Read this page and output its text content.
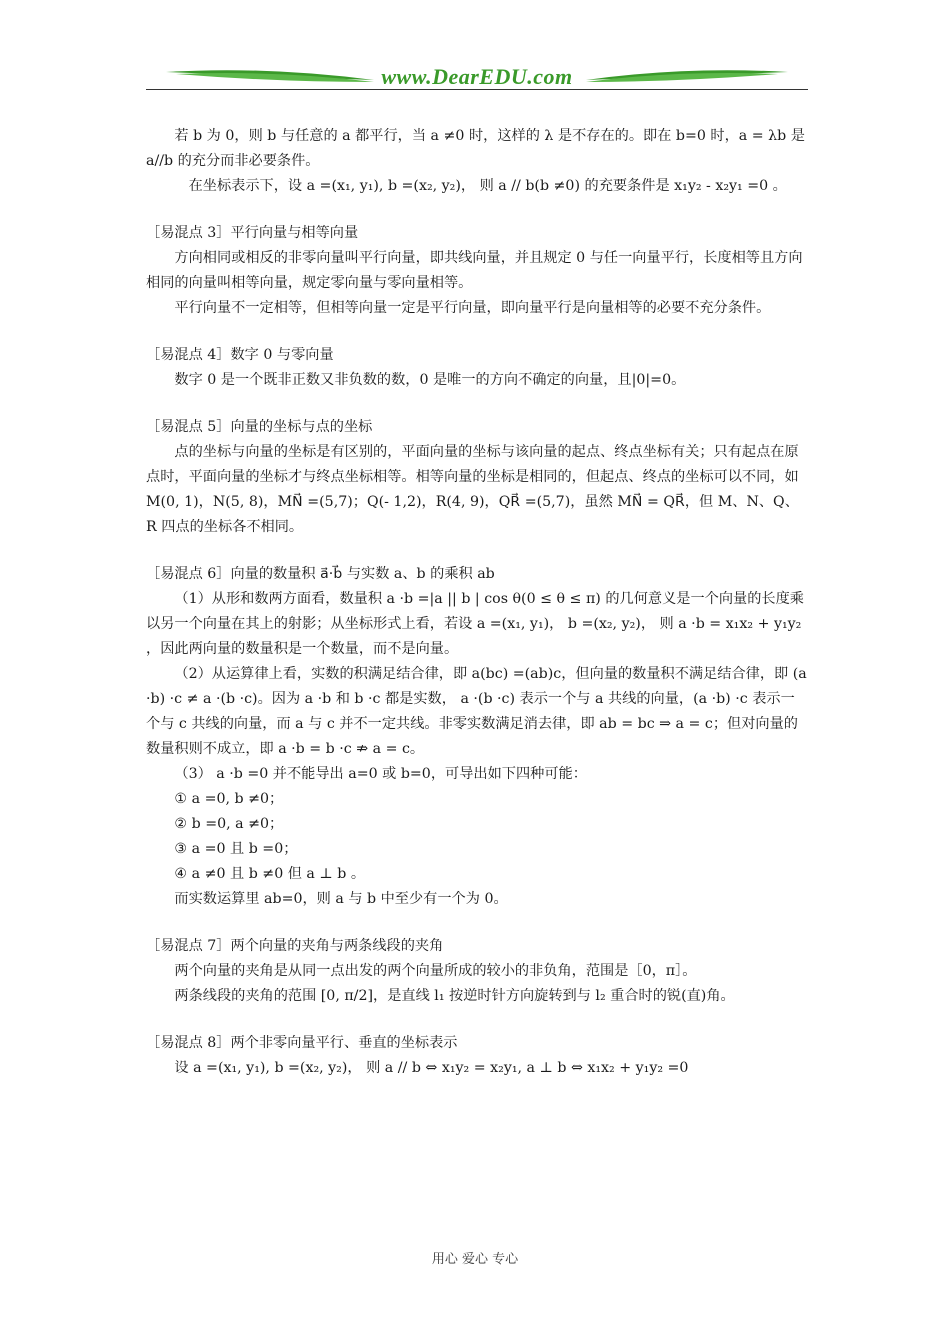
www.DearEDU.com
若 b 为 0，则 b 与任意的 a 都平行，当 a ≠0 时，这样的 λ 是不存在的。即在 b=0 时，a = λb 是 a//b 的充分而非必要条件。
　在坐标表示下，设 a =(x₁, y₁), b =(x₂, y₂)， 则 a // b(b ≠0) 的充要条件是 x₁y₂ - x₂y₁ =0 。
［易混点 3］平行向量与相等向量
方向相同或相反的非零向量叫平行向量，即共线向量，并且规定 0 与任一向量平行，长度相等且方向相同的向量叫相等向量，规定零向量与零向量相等。
平行向量不一定相等，但相等向量一定是平行向量，即向量平行是向量相等的必要不充分条件。
［易混点 4］数字 0 与零向量
数字 0 是一个既非正数又非负数的数，0 是唯一的方向不确定的向量，且|0|=0。
［易混点 5］向量的坐标与点的坐标
点的坐标与向量的坐标是有区别的，平面向量的坐标与该向量的起点、终点坐标有关；只有起点在原点时，平面向量的坐标才与终点坐标相等。相等向量的坐标是相同的，但起点、终点的坐标可以不同，如 M(0, 1)，N(5, 8)，MN⃗ =(5,7)；Q(- 1,2)，R(4, 9)，QR⃗ =(5,7)，虽然 MN⃗ = QR⃗，但 M、N、Q、R 四点的坐标各不相同。
［易混点 6］向量的数量积 a⃗·b⃗ 与实数 a、b 的乘积 ab
（1）从形和数两方面看，数量积 a ·b =|a || b | cos θ(0 ≤ θ ≤ π) 的几何意义是一个向量的长度乘以另一个向量在其上的射影；从坐标形式上看，若设 a =(x₁, y₁)， b =(x₂, y₂)， 则 a ·b = x₁x₂ + y₁y₂ ，因此两向量的数量积是一个数量，而不是向量。
（2）从运算律上看，实数的积满足结合律，即 a(bc) =(ab)c，但向量的数量积不满足结合律，即 (a ·b) ·c ≠ a ·(b ·c)。因为 a ·b 和 b ·c 都是实数， a ·(b ·c) 表示一个与 a 共线的向量，(a ·b) ·c 表示一个与 c 共线的向量，而 a 与 c 并不一定共线。非零实数满足消去律，即 ab = bc ⇒ a = c；但对向量的数量积则不成立，即 a ·b = b ·c ⇏ a = c。
（3） a ·b =0 并不能导出 a=0 或 b=0，可导出如下四种可能：
① a =0, b ≠0；
② b =0, a ≠0；
③ a =0 且 b =0；
④ a ≠0 且 b ≠0 但 a ⊥ b 。
而实数运算里 ab=0，则 a 与 b 中至少有一个为 0。
［易混点 7］两个向量的夹角与两条线段的夹角
两个向量的夹角是从同一点出发的两个向量所成的较小的非负角，范围是［0，π］。
两条线段的夹角的范围 [0, π/2]，是直线 l₁ 按逆时针方向旋转到与 l₂ 重合时的锐(直)角。
［易混点 8］两个非零向量平行、垂直的坐标表示
设 a =(x₁, y₁), b =(x₂, y₂)， 则 a // b ⇔ x₁y₂ = x₂y₁, a ⊥ b ⇔ x₁x₂ + y₁y₂ =0
用心 爱心 专心
